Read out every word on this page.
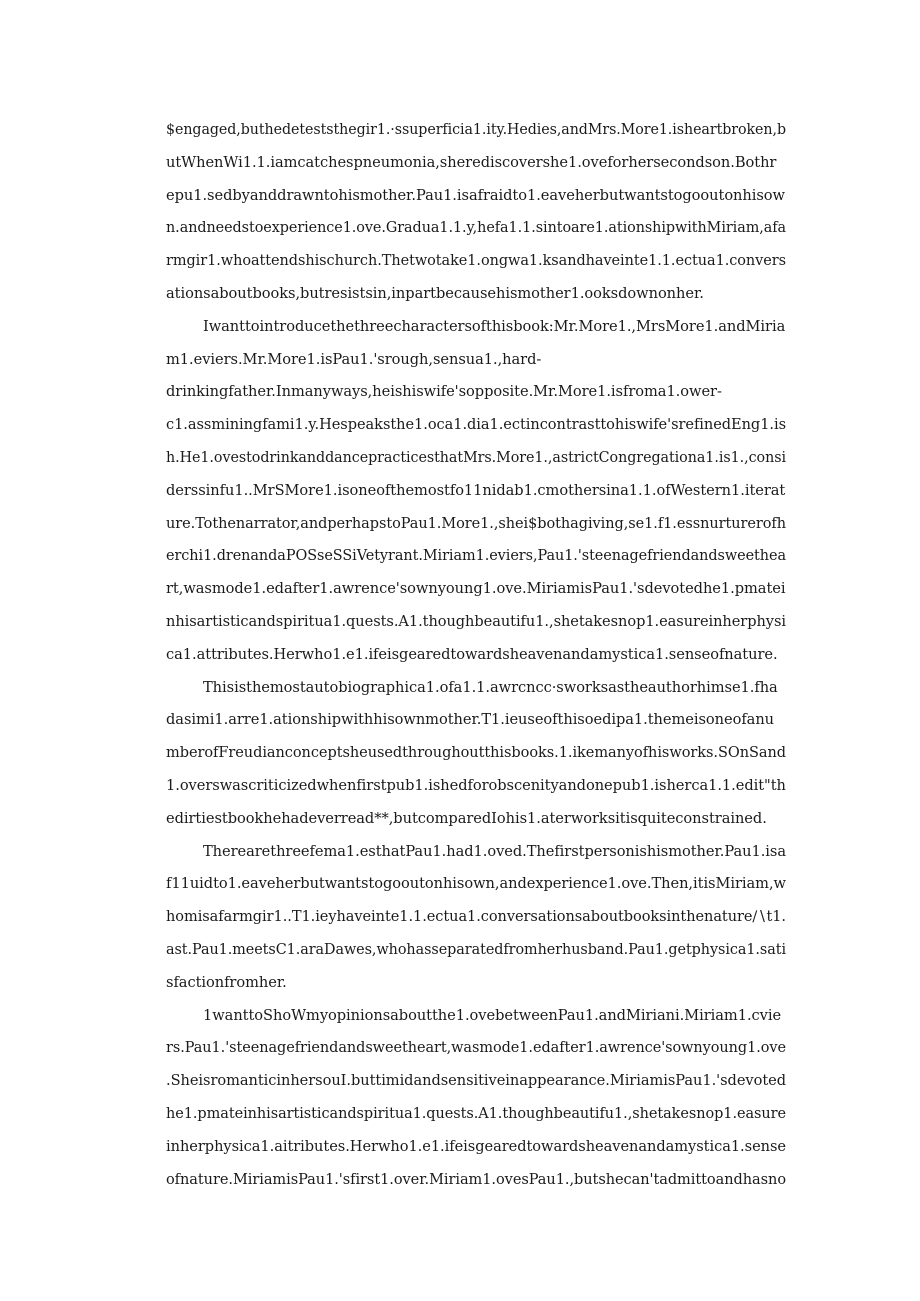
$engaged,buthedeteststhegir1.·ssuperficia1.ity.Hedies,andMrs.More1.isheartbroken,b
utWhenWi1.1.iamcatchespneumonia,sherediscovershe1.oveforhersecondson.Bothr
epu1.sedbyanddrawntohismother.Pau1.isafraidto1.eaveherbutwantstogooutonhisow
n.andneedstoexperience1.ove.Gradua1.1.y,hefa1.1.sintoare1.ationshipwithMiriam,afa
rmgir1.whoattendshischurch.Thetwotake1.ongwa1.ksandhaveinte1.1.ectua1.convers
ationsaboutbooks,butresistsin,inpartbecausehismother1.ooksdownonher.
Iwanttointroducethethreecharactersofthisbook:Mr.More1.,MrsMore1.andMiria
m1.eviers.Mr.More1.isPau1.'srough,sensua1.,hard-
drinkingfather.Inmanyways,heishiswife'sopposite.Mr.More1.isfroma1.ower-
c1.assminingfami1.y.Hespeaksthe1.oca1.dia1.ectincontrasttohiswife'srefinedEng1.is
h.He1.ovestodrinkanddancepracticesthatMrs.More1.,astrictCongregationa1.is1.,consi
derssinfu1..MrSMore1.isoneofthemostfo11nidab1.cmothersina1.1.ofWestern1.iterat
ure.Tothenarrator,andperhapstoPau1.More1.,shei$bothagiving,se1.f1.essnurturerofh
erchi1.drenandaPOSseSSiVetyrant.Miriam1.eviers,Pau1.'steenagefriendandsweethea
rt,wasmode1.edafter1.awrence'sownyoung1.ove.MiriamisPau1.'sdevotedhe1.pmatei
nhisartisticandspiritua1.quests.A1.thoughbeautifu1.,shetakesnop1.easureinherphysi
ca1.attributes.Herwho1.e1.ifeisgearedtowardsheavenandamystica1.senseofnature.
Thisisthemostautobiographica1.ofa1.1.awrcncc·sworksastheauthorhimse1.fha
dasimi1.arre1.ationshipwithhisownmother.T1.ieuseofthisoedipa1.themeisoneofanu
mberofFreudianconceptsheusedthroughoutthisbooks.1.ikemanyofhisworks.SOnSand
1.overswascriticizedwhenfirstpub1.ishedforobscenityandonepub1.isherca1.1.edit"th
edirtiestbookhehadeverread**,butcomparedIohis1.aterworksitisquiteconstrained.
Therearethreefema1.esthatPau1.had1.oved.Thefirstpersonishismother.Pau1.isa
f11uidto1.eaveherbutwantstogooutonhisown,andexperience1.ove.Then,itisMiriam,w
homisafarmgir1..T1.ieyhaveinte1.1.ectua1.conversationsaboutbooksinthenature∕∖t1.
ast.Pau1.meetsC1.araDawes,whohasseparatedfromherhusband.Pau1.getphysica1.sati
sfactionfromher.
1wanttoShoWmyopinionsaboutthe1.ovebetweenPau1.andMiriani.Miriam1.cvie
rs.Pau1.'steenagefriendandsweetheart,wasmode1.edafter1.awrence'sownyoung1.ove
.SheisromanticinhersouI.buttimidandsensitiveinappearance.MiriamisPau1.'sdevoted
he1.pmateinhisartisticandspiritua1.quests.A1.thoughbeautifu1.,shetakesnop1.easure
inherphysica1.aitributes.Herwho1.e1.ifeisgearedtowardsheavenandamystica1.sense
ofnature.MiriamisPau1.'sfirst1.over.Miriam1.ovesPau1.,butshecan'tadmittoandhasno
